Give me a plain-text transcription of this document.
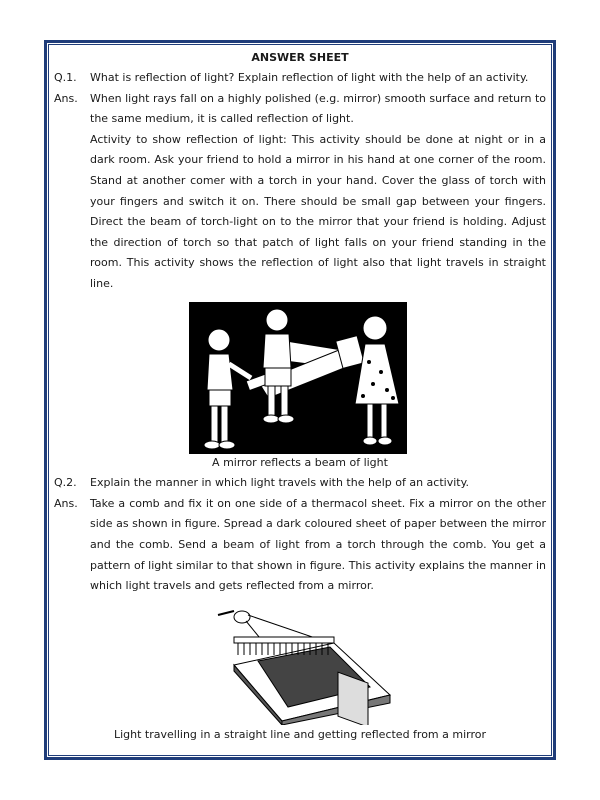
ANSWER SHEET
Q.1.	What is reflection of light? Explain reflection of light with the help of an activity.
Ans.	When light rays fall on a highly polished (e.g. mirror) smooth surface and return to the same medium, it is called reflection of light.
Activity to show reflection of light: This activity should be done at night or in a dark room. Ask your friend to hold a mirror in his hand at one corner of the room. Stand at another comer with a torch in your hand. Cover the glass of torch with your fingers and switch it on. There should be small gap between your fingers. Direct the beam of torch-light on to the mirror that your friend is holding. Adjust the direction of torch so that patch of light falls on your friend standing in the room. This activity shows the reflection of light also that light travels in straight line.
A mirror reflects a beam of light
Q.2.	Explain the manner in which light travels with the help of an activity.
Ans.	Take a comb and fix it on one side of a thermacol sheet. Fix a mirror on the other side as shown in figure. Spread a dark coloured sheet of paper between the mirror and the comb. Send a beam of light from a torch through the comb. You get a pattern of light similar to that shown in figure. This activity explains the manner in which light travels and gets reflected from a mirror.
Light travelling in a straight line and getting reflected from a mirror
